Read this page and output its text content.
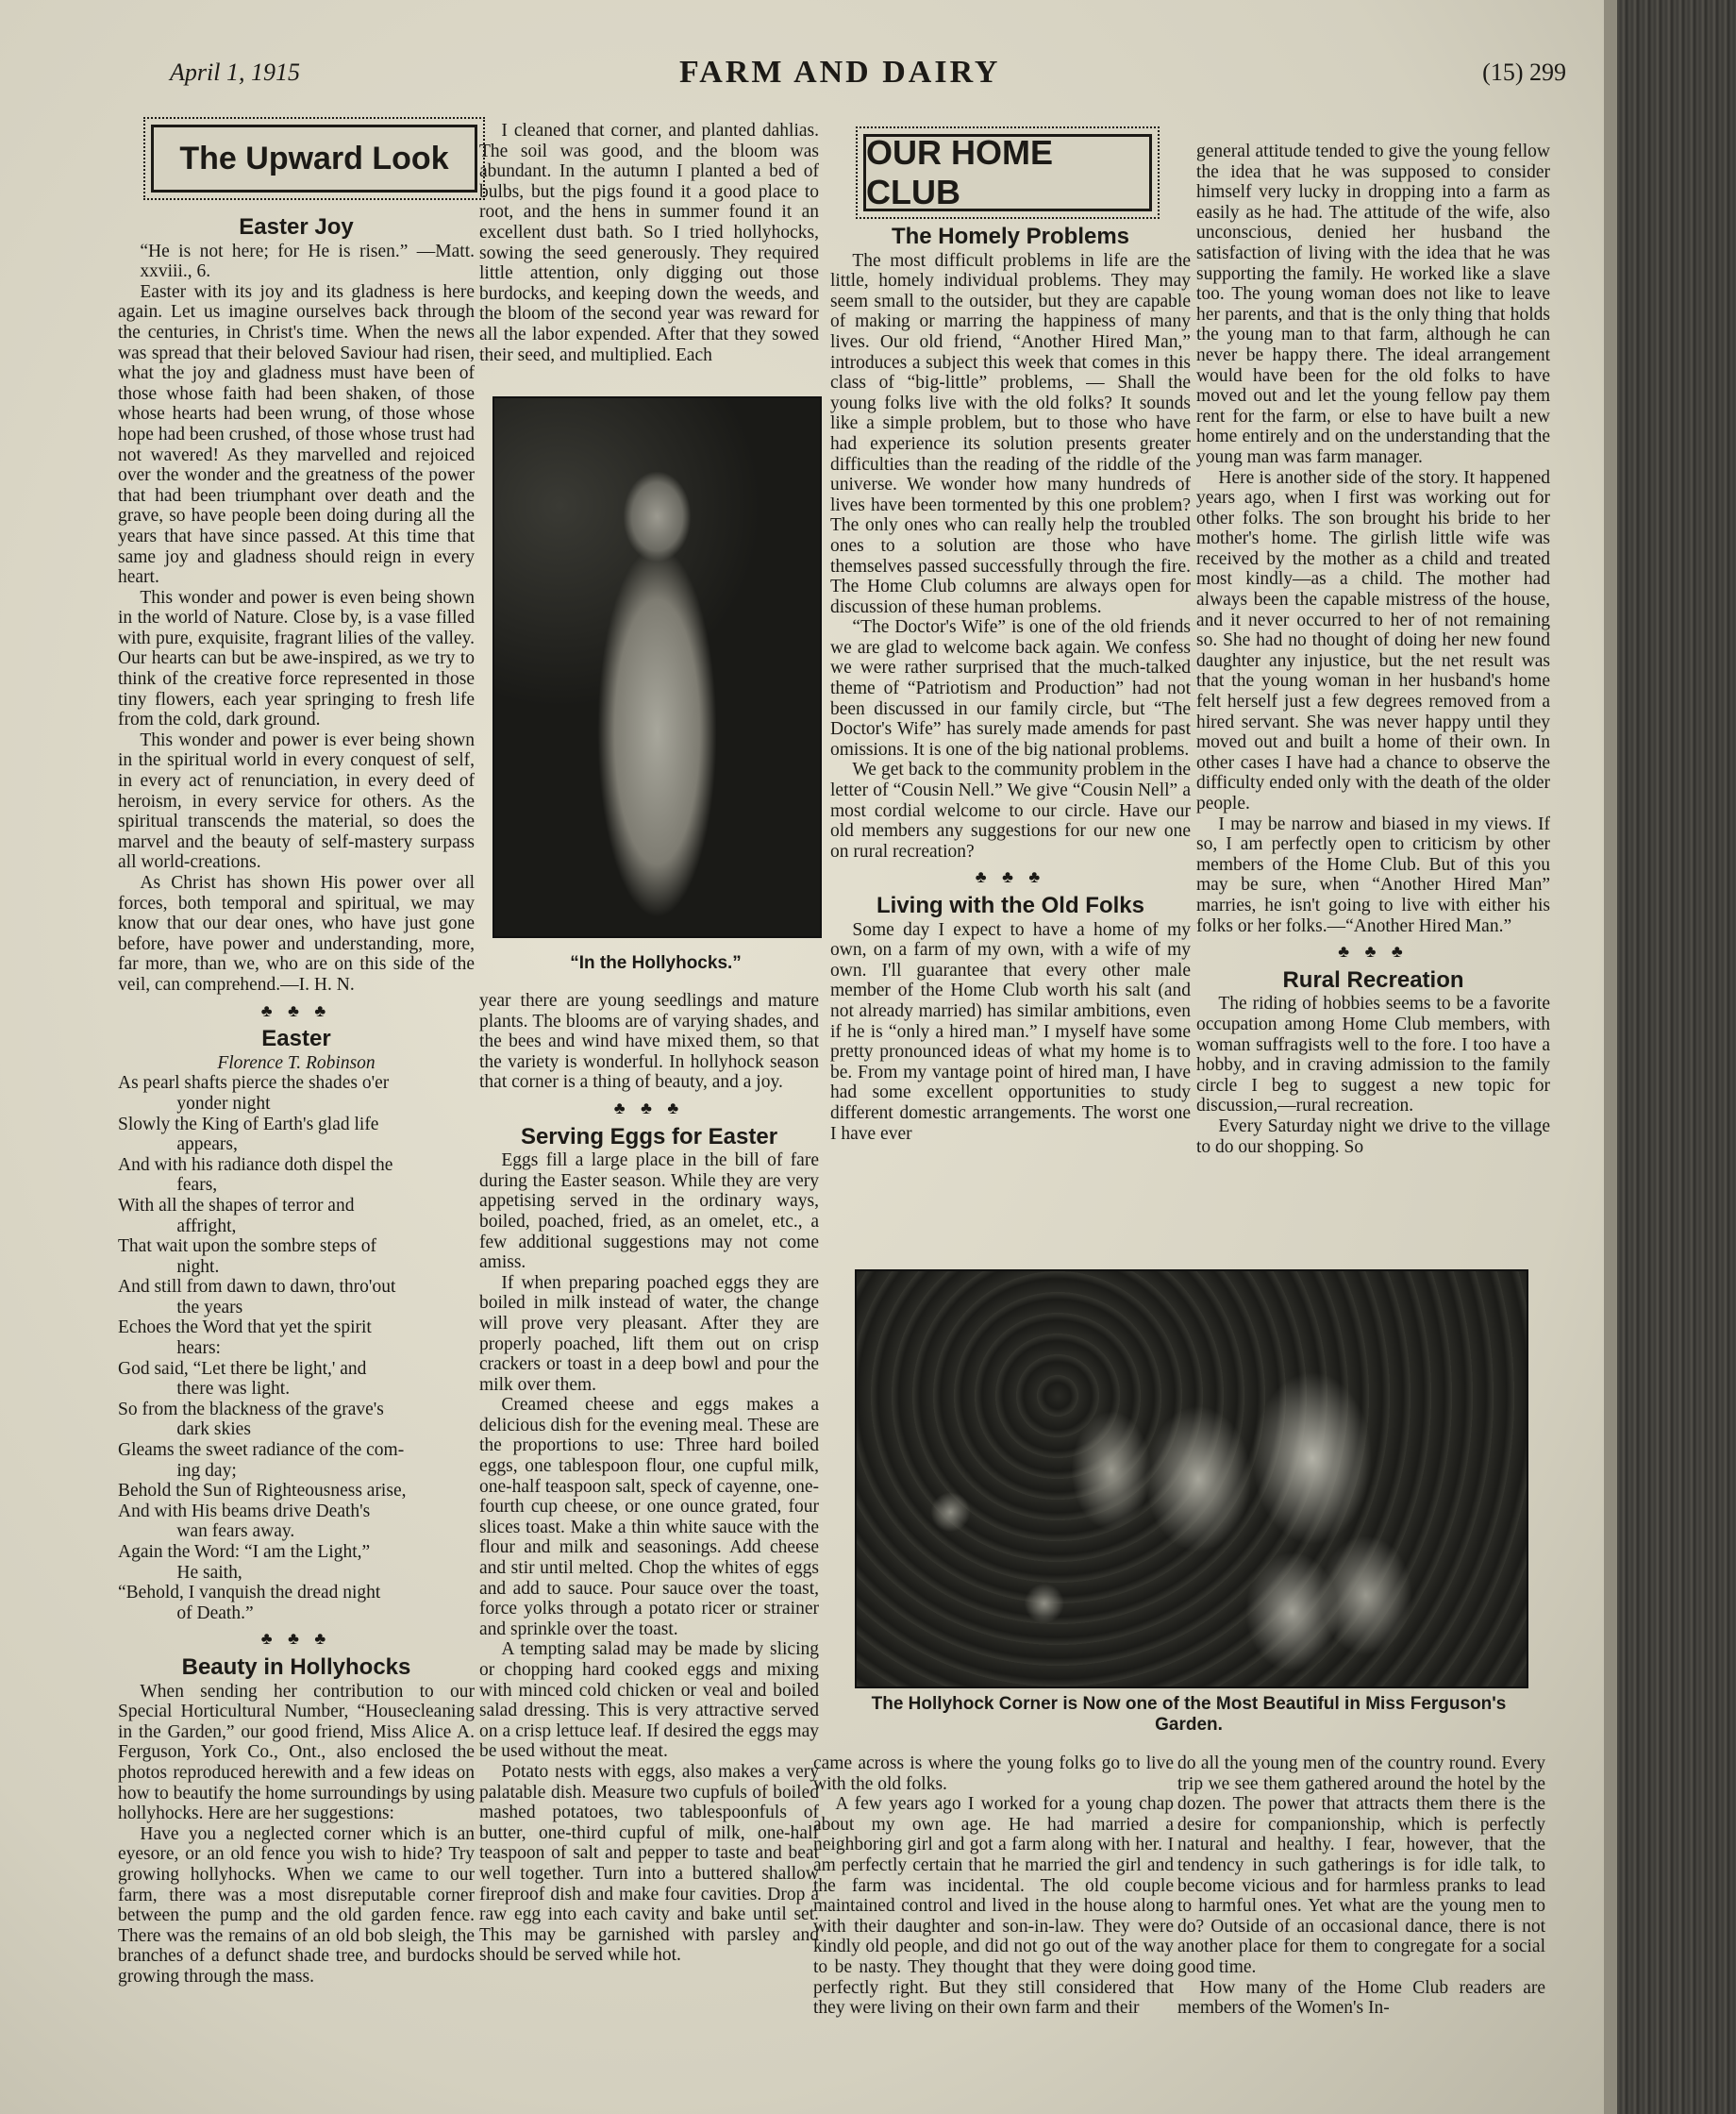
April 1, 1915	FARM AND DAIRY	(15) 299
The Upward Look
Easter Joy

“He is not here; for He is risen.” —Matt. xxviii., 6.

Easter with its joy and its gladness is here again. Let us imagine ourselves back through the centuries, in Christ's time. When the news was spread that their beloved Saviour had risen, what the joy and gladness must have been of those whose faith had been shaken, of those whose hearts had been wrung, of those whose hope had been crushed, of those whose trust had not wavered! As they marvelled and rejoiced over the wonder and the greatness of the power that had been triumphant over death and the grave, so have people been doing during all the years that have since passed. At this time that same joy and gladness should reign in every heart.

This wonder and power is even being shown in the world of Nature. Close by, is a vase filled with pure, exquisite, fragrant lilies of the valley. Our hearts can but be awe-inspired, as we try to think of the creative force represented in those tiny flowers, each year springing to fresh life from the cold, dark ground.

This wonder and power is ever being shown in the spiritual world in every conquest of self, in every act of renunciation, in every deed of heroism, in every service for others. As the spiritual transcends the material, so does the marvel and the beauty of self-mastery surpass all world-creations.

As Christ has shown His power over all forces, both temporal and spiritual, we may know that our dear ones, who have just gone before, have power and understanding, more, far more, than we, who are on this side of the veil, can comprehend.—I. H. N.

♣ ♣ ♣
Easter
Florence T. Robinson

As pearl shafts pierce the shades o'er

yonder night

Slowly the King of Earth's glad life

appears,

And with his radiance doth dispel the

fears,

With all the shapes of terror and

affright,

That wait upon the sombre steps of

night.

And still from dawn to dawn, thro'out

the years

Echoes the Word that yet the spirit

hears:

God said, “Let there be light,' and

there was light.

So from the blackness of the grave's

dark skies

Gleams the sweet radiance of the com-

ing day;

Behold the Sun of Righteousness arise,

And with His beams drive Death's

wan fears away.

Again the Word: “I am the Light,”

He saith,

“Behold, I vanquish the dread night

of Death.”

♣ ♣ ♣
Beauty in Hollyhocks

When sending her contribution to our Special Horticultural Number, “Housecleaning in the Garden,” our good friend, Miss Alice A. Ferguson, York Co., Ont., also enclosed the photos reproduced herewith and a few ideas on how to beautify the home surroundings by using hollyhocks. Here are her suggestions:

Have you a neglected corner which is an eyesore, or an old fence you wish to hide? Try growing hollyhocks. When we came to our farm, there was a most disreputable corner between the pump and the old garden fence. There was the remains of an old bob sleigh, the branches of a defunct shade tree, and burdocks growing through the mass.

I cleaned that corner, and planted dahlias. The soil was good, and the bloom was abundant. In the autumn I planted a bed of bulbs, but the pigs found it a good place to root, and the hens in summer found it an excellent dust bath. So I tried hollyhocks, sowing the seed generously. They required little attention, only digging out those burdocks, and keeping down the weeds, and the bloom of the second year was reward for all the labor expended. After that they sowed their seed, and multiplied. Each

“In the Hollyhocks.”

year there are young seedlings and mature plants. The blooms are of varying shades, and the bees and wind have mixed them, so that the variety is wonderful. In hollyhock season that corner is a thing of beauty, and a joy.

♣ ♣ ♣
Serving Eggs for Easter

Eggs fill a large place in the bill of fare during the Easter season. While they are very appetising served in the ordinary ways, boiled, poached, fried, as an omelet, etc., a few additional suggestions may not come amiss.

If when preparing poached eggs they are boiled in milk instead of water, the change will prove very pleasant. After they are properly poached, lift them out on crisp crackers or toast in a deep bowl and pour the milk over them.

Creamed cheese and eggs makes a delicious dish for the evening meal. These are the proportions to use: Three hard boiled eggs, one tablespoon flour, one cupful milk, one-half teaspoon salt, speck of cayenne, one-fourth cup cheese, or one ounce grated, four slices toast. Make a thin white sauce with the flour and milk and seasonings. Add cheese and stir until melted. Chop the whites of eggs and add to sauce. Pour sauce over the toast, force yolks through a potato ricer or strainer and sprinkle over the toast.

A tempting salad may be made by slicing or chopping hard cooked eggs and mixing with minced cold chicken or veal and boiled salad dressing. This is very attractive served on a crisp lettuce leaf. If desired the eggs may be used without the meat.

Potato nests with eggs, also makes a very palatable dish. Measure two cupfuls of boiled mashed potatoes, two tablespoonfuls of butter, one-third cupful of milk, one-half teaspoon of salt and pepper to taste and beat well together. Turn into a buttered shallow fireproof dish and make four cavities. Drop a raw egg into each cavity and bake until set. This may be garnished with parsley and should be served while hot.

OUR HOME CLUB
The Homely Problems

The most difficult problems in life are the little, homely individual problems. They may seem small to the outsider, but they are capable of making or marring the happiness of many lives. Our old friend, “Another Hired Man,” introduces a subject this week that comes in this class of “big-little” problems, — Shall the young folks live with the old folks? It sounds like a simple problem, but to those who have had experience its solution presents greater difficulties than the reading of the riddle of the universe. We wonder how many hundreds of lives have been tormented by this one problem? The only ones who can really help the troubled ones to a solution are those who have themselves passed successfully through the fire. The Home Club columns are always open for discussion of these human problems.

“The Doctor's Wife” is one of the old friends we are glad to welcome back again. We confess we were rather surprised that the much-talked theme of “Patriotism and Production” had not been discussed in our family circle, but “The Doctor's Wife” has surely made amends for past omissions. It is one of the big national problems.

We get back to the community problem in the letter of “Cousin Nell.” We give “Cousin Nell” a most cordial welcome to our circle. Have our old members any suggestions for our new one on rural recreation?

♣ ♣ ♣
Living with the Old Folks

Some day I expect to have a home of my own, on a farm of my own, with a wife of my own. I'll guarantee that every other male member of the Home Club worth his salt (and not already married) has similar ambitions, even if he is “only a hired man.” I myself have some pretty pronounced ideas of what my home is to be. From my vantage point of hired man, I have had some excellent opportunities to study different domestic arrangements. The worst one I have ever

general attitude tended to give the young fellow the idea that he was supposed to consider himself very lucky in dropping into a farm as easily as he had. The attitude of the wife, also unconscious, denied her husband the satisfaction of living with the idea that he was supporting the family. He worked like a slave too. The young woman does not like to leave her parents, and that is the only thing that holds the young man to that farm, although he can never be happy there. The ideal arrangement would have been for the old folks to have moved out and let the young fellow pay them rent for the farm, or else to have built a new home entirely and on the understanding that the young man was farm manager.

Here is another side of the story. It happened years ago, when I first was working out for other folks. The son brought his bride to her mother's home. The girlish little wife was received by the mother as a child and treated most kindly—as a child. The mother had always been the capable mistress of the house, and it never occurred to her of not remaining so. She had no thought of doing her new found daughter any injustice, but the net result was that the young woman in her husband's home felt herself just a few degrees removed from a hired servant. She was never happy until they moved out and built a home of their own. In other cases I have had a chance to observe the difficulty ended only with the death of the older people.

I may be narrow and biased in my views. If so, I am perfectly open to criticism by other members of the Home Club. But of this you may be sure, when “Another Hired Man” marries, he isn't going to live with either his folks or her folks.—“Another Hired Man.”

♣ ♣ ♣
Rural Recreation

The riding of hobbies seems to be a favorite occupation among Home Club members, with woman suffragists well to the fore. I too have a hobby, and in craving admission to the family circle I beg to suggest a new topic for discussion,—rural recreation.

Every Saturday night we drive to the village to do our shopping. So

The Hollyhock Corner is Now one of the Most Beautiful in Miss Ferguson's Garden.

came across is where the young folks go to live with the old folks.

A few years ago I worked for a young chap about my own age. He had married a neighboring girl and got a farm along with her. I am perfectly certain that he married the girl and the farm was incidental. The old couple maintained control and lived in the house along with their daughter and son-in-law. They were kindly old people, and did not go out of the way to be nasty. They thought that they were doing perfectly right. But they still considered that they were living on their own farm and their

do all the young men of the country round. Every trip we see them gathered around the hotel by the dozen. The power that attracts them there is the desire for companionship, which is perfectly natural and healthy. I fear, however, that the tendency in such gatherings is for idle talk, to become vicious and for harmless pranks to lead to harmful ones. Yet what are the young men to do? Outside of an occasional dance, there is not another place for them to congregate for a social good time.

How many of the Home Club readers are members of the Women's In-
